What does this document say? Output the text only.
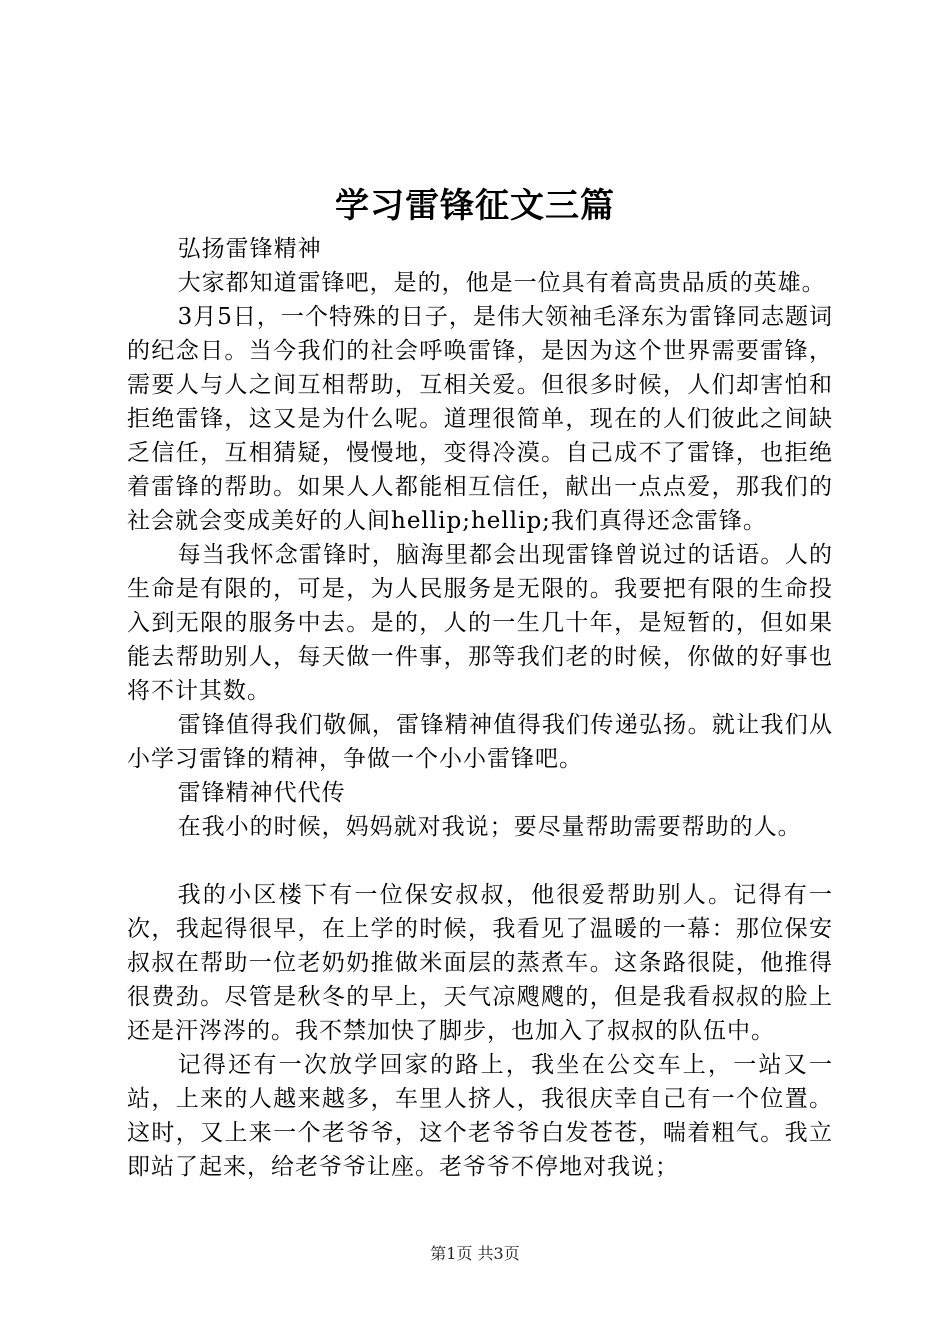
学习雷锋征文三篇

弘扬雷锋精神

大家都知道雷锋吧，是的，他是一位具有着高贵品质的英雄。

3月5日，一个特殊的日子，是伟大领袖毛泽东为雷锋同志题词的纪念日。当今我们的社会呼唤雷锋，是因为这个世界需要雷锋，需要人与人之间互相帮助，互相关爱。但很多时候，人们却害怕和拒绝雷锋，这又是为什么呢。道理很简单，现在的人们彼此之间缺乏信任，互相猜疑，慢慢地，变得冷漠。自己成不了雷锋，也拒绝着雷锋的帮助。如果人人都能相互信任，献出一点点爱，那我们的社会就会变成美好的人间hellip;hellip;我们真得还念雷锋。

每当我怀念雷锋时，脑海里都会出现雷锋曾说过的话语。人的生命是有限的，可是，为人民服务是无限的。我要把有限的生命投入到无限的服务中去。是的，人的一生几十年，是短暂的，但如果能去帮助别人，每天做一件事，那等我们老的时候，你做的好事也将不计其数。

雷锋值得我们敬佩，雷锋精神值得我们传递弘扬。就让我们从小学习雷锋的精神，争做一个小小雷锋吧。

雷锋精神代代传

在我小的时候，妈妈就对我说；要尽量帮助需要帮助的人。

我的小区楼下有一位保安叔叔，他很爱帮助别人。记得有一次，我起得很早，在上学的时候，我看见了温暖的一幕：那位保安叔叔在帮助一位老奶奶推做米面层的蒸煮车。这条路很陡，他推得很费劲。尽管是秋冬的早上，天气凉飕飕的，但是我看叔叔的脸上还是汗涔涔的。我不禁加快了脚步，也加入了叔叔的队伍中。

记得还有一次放学回家的路上，我坐在公交车上，一站又一站，上来的人越来越多，车里人挤人，我很庆幸自己有一个位置。这时，又上来一个老爷爷，这个老爷爷白发苍苍，喘着粗气。我立即站了起来，给老爷爷让座。老爷爷不停地对我说；

第1页 共3页
